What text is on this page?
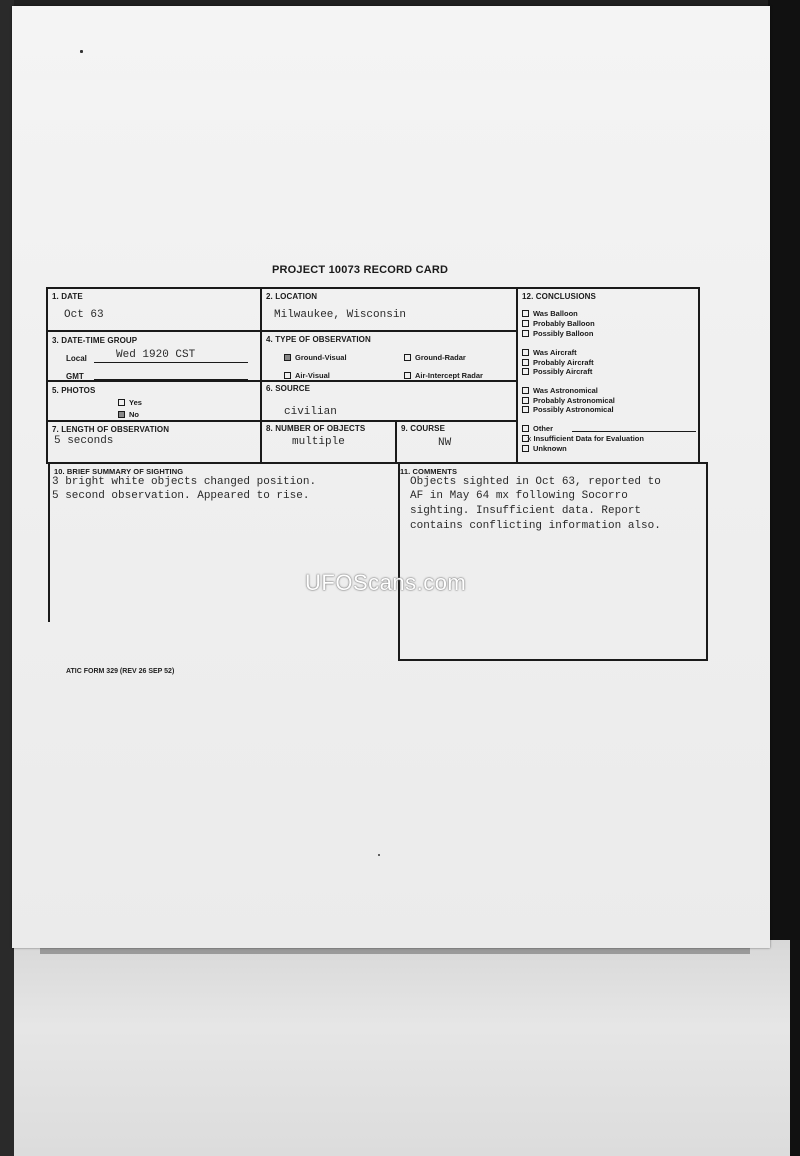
PROJECT 10073 RECORD CARD
1. DATE
Oct 63
2. LOCATION
Milwaukee, Wisconsin
3. DATE-TIME GROUP
Local	Wed 1920 CST
GMT
4. TYPE OF OBSERVATION
Ground-Visual	Ground-Radar
Air-Visual	Air-Intercept Radar
5. PHOTOS
Yes
No
6. SOURCE
civilian
7. LENGTH OF OBSERVATION
5 seconds
8. NUMBER OF OBJECTS
multiple
9. COURSE
NW
12. CONCLUSIONS
Was Balloon
Probably Balloon
Possibly Balloon
Was Aircraft
Probably Aircraft
Possibly Aircraft
Was Astronomical
Probably Astronomical
Possibly Astronomical
Other
x Insufficient Data for Evaluation
Unknown
10. BRIEF SUMMARY OF SIGHTING
3 bright white objects changed position.
5 second observation. Appeared to rise.
11. COMMENTS
Objects sighted in Oct 63, reported to
AF in May 64 mx following Socorro
sighting. Insufficient data. Report
contains conflicting information also.
UFOScans.com
ATIC FORM 329 (REV 26 SEP 52)
